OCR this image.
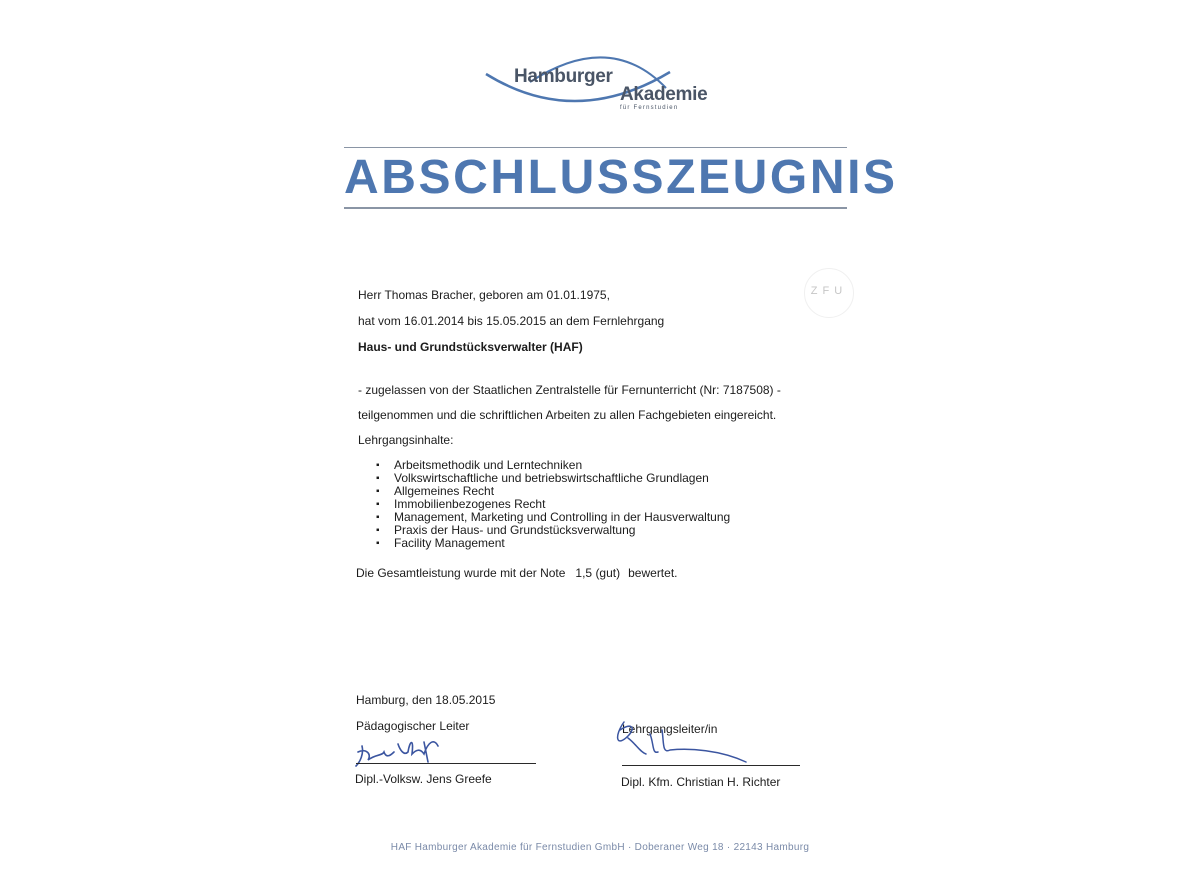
Hamburger
Akademie
für Fernstudien
ABSCHLUSSZEUGNIS
ZFU
Herr Thomas Bracher, geboren am 01.01.1975,
hat vom 16.01.2014 bis 15.05.2015 an dem Fernlehrgang
Haus- und Grundstücksverwalter (HAF)
- zugelassen von der Staatlichen Zentralstelle für Fernunterricht (Nr: 7187508) -
teilgenommen und die schriftlichen Arbeiten zu allen Fachgebieten eingereicht.
Lehrgangsinhalte:
▪ Arbeitsmethodik und Lerntechniken
▪ Volkswirtschaftliche und betriebswirtschaftliche Grundlagen
▪ Allgemeines Recht
▪ Immobilienbezogenes Recht
▪ Management, Marketing und Controlling in der Hausverwaltung
▪ Praxis der Haus- und Grundstücksverwaltung
▪ Facility Management
Die Gesamtleistung wurde mit der Note 1,5 (gut) bewertet.
Hamburg, den 18.05.2015
Pädagogischer Leiter
Dipl.-Volksw. Jens Greefe
Lehrgangsleiter/in
Dipl. Kfm. Christian H. Richter
HAF Hamburger Akademie für Fernstudien GmbH · Doberaner Weg 18 · 22143 Hamburg
